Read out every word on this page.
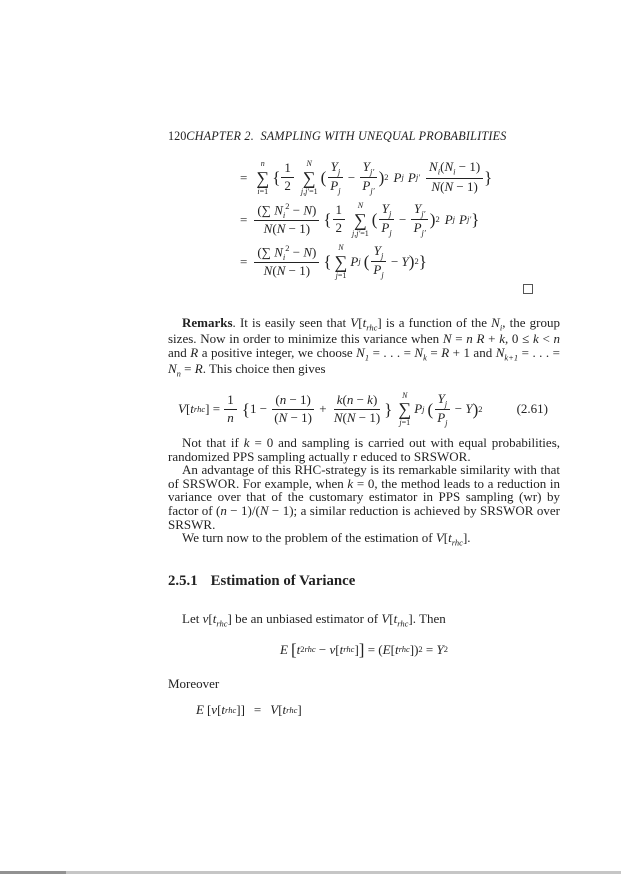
120 CHAPTER 2.  SAMPLING WITH UNEQUAL PROBABILITIES
=
n
∑
i=1
{ $\frac{1}{2}$ N
∑
j,j′=1
( $\frac{Y_j}{P_j} - \frac{Y_{j'}}{P_{j'}}$ ) 2 P j P $j' \frac{N_i(N_i - 1)}{N(N - 1)}$ }
= $\frac{(\sum N_i^2 - N)}{N(N - 1)}$ { $\frac{1}{2}$ N
∑
j,j′=1
( $\frac{Y_j}{P_j} - \frac{Y_{j'}}{P_{j'}}$ ) 2 P j P j′ }
= $\frac{(\sum N_i^2 - N)}{N(N - 1)}$ {
N
∑
j=1
P j ( $\frac{Y_j}{P_j} - Y$ ) 2 }

Remarks. It is easily seen that $V[t_{rhc}]$ is a function of the $N_i$, the group sizes. Now in order to minimize this variance when N = n R + k, 0 ≤ k < n and R a positive integer, we choose $N_1$ = . . . = $N_k = R + 1$ and $N_{k+1}$ = . . . = $N_n = R$. This choice then gives

V [ t rhc ] = $\frac{1}{n}$ { $1 - \frac{(n - 1)}{(N - 1)} + \frac{k(n - k)}{N(N - 1)}$ }
N
∑
j=1
P j ( $\frac{Y_j}{P_j} - Y$ ) 2	(2.61)

Not that if k = 0 and sampling is carried out with equal probabilities, randomized PPS sampling actually r educed to SRSWOR.

An advantage of this RHC-strategy is its remarkable similarity with that of SRSWOR. For example, when k = 0, the method leads to a reduction in variance over that of the customary estimator in PPS sampling (wr) by factor of (n − 1)/(N − 1); a similar reduction is achieved by SRSWOR over SRSWR.

We turn now to the problem of the estimation of $V[t_{rhc}]$.

2.5.1 Estimation of Variance

Let $v[t_{rhc}]$ be an unbiased estimator of $V[t_{rhc}]$. Then

E [ t 2 rhc − v [ t rhc ] ] = ( E [ t rhc ]) 2 = Y 2

Moreover

E [ v [ t rhc ]] = V [ t rhc ]
